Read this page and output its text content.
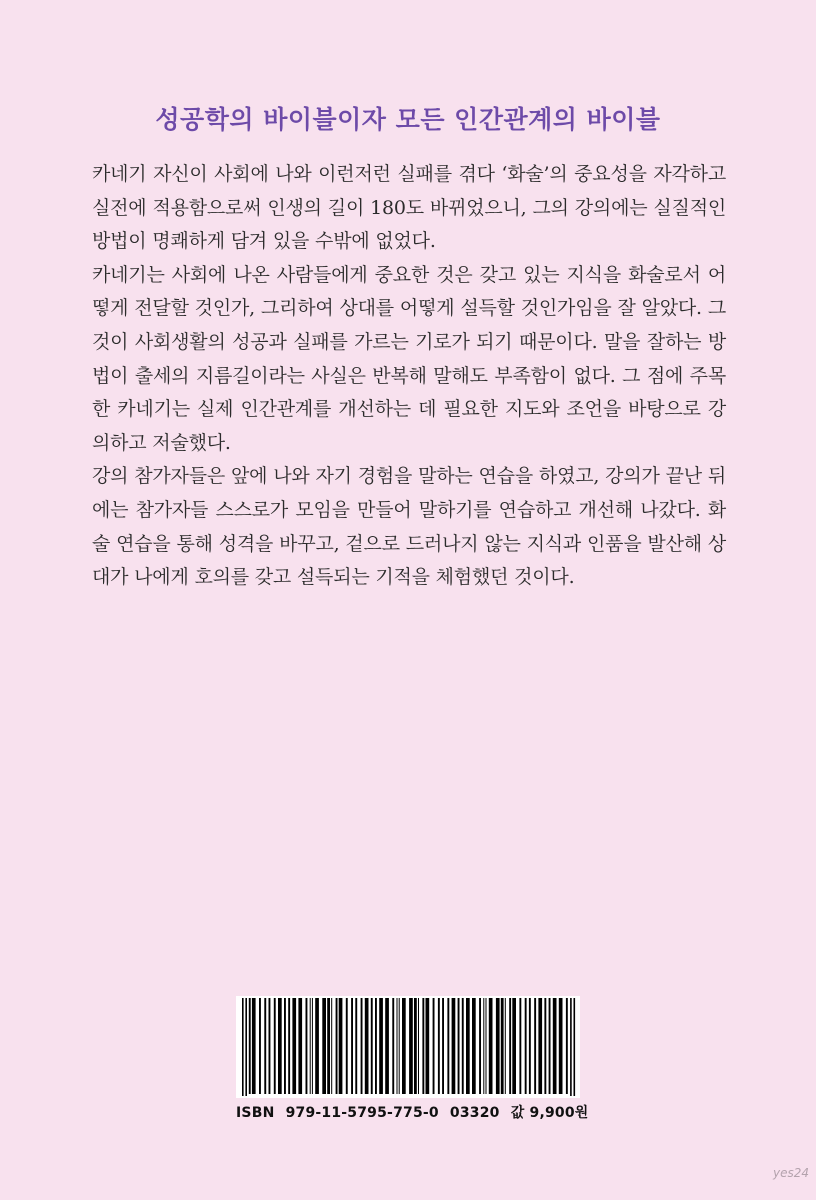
성공학의 바이블이자 모든 인간관계의 바이블

카네기 자신이 사회에 나와 이런저런 실패를 겪다 ‘화술’의 중요성을 자각하고 실전에 적용함으로써 인생의 길이 180도 바뀌었으니, 그의 강의에는 실질적인 방법이 명쾌하게 담겨 있을 수밖에 없었다.

카네기는 사회에 나온 사람들에게 중요한 것은 갖고 있는 지식을 화술로서 어떻게 전달할 것인가, 그리하여 상대를 어떻게 설득할 것인가임을 잘 알았다. 그것이 사회생활의 성공과 실패를 가르는 기로가 되기 때문이다. 말을 잘하는 방법이 출세의 지름길이라는 사실은 반복해 말해도 부족함이 없다. 그 점에 주목한 카네기는 실제 인간관계를 개선하는 데 필요한 지도와 조언을 바탕으로 강의하고 저술했다.

강의 참가자들은 앞에 나와 자기 경험을 말하는 연습을 하였고, 강의가 끝난 뒤에는 참가자들 스스로가 모임을 만들어 말하기를 연습하고 개선해 나갔다. 화술 연습을 통해 성격을 바꾸고, 겉으로 드러나지 않는 지식과 인품을 발산해 상대가 나에게 호의를 갖고 설득되는 기적을 체험했던 것이다.

ISBN 979-11-5795-775-0 03320 값 9,900원
yes24
